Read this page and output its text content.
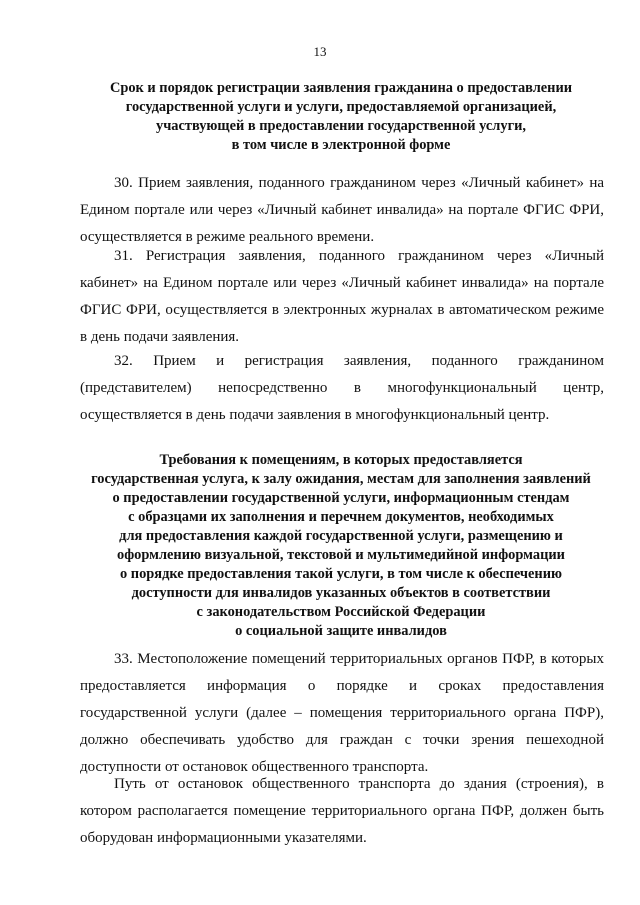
13
Срок и порядок регистрации заявления гражданина о предоставлении
государственной услуги и услуги, предоставляемой организацией,
участвующей в предоставлении государственной услуги,
в том числе в электронной форме
30. Прием заявления, поданного гражданином через «Личный кабинет» на
Едином портале или через «Личный кабинет инвалида» на портале ФГИС ФРИ,
осуществляется в режиме реального времени.
31. Регистрация заявления, поданного гражданином через «Личный
кабинет» на Едином портале или через «Личный кабинет инвалида» на портале
ФГИС ФРИ, осуществляется в электронных журналах в автоматическом режиме
в день подачи заявления.
32. Прием и регистрация заявления, поданного гражданином
(представителем) непосредственно в многофункциональный центр,
осуществляется в день подачи заявления в многофункциональный центр.
Требования к помещениям, в которых предоставляется
государственная услуга, к залу ожидания, местам для заполнения заявлений
о предоставлении государственной услуги, информационным стендам
с образцами их заполнения и перечнем документов, необходимых
для предоставления каждой государственной услуги, размещению и
оформлению визуальной, текстовой и мультимедийной информации
о порядке предоставления такой услуги, в том числе к обеспечению
доступности для инвалидов указанных объектов в соответствии
с законодательством Российской Федерации
о социальной защите инвалидов
33. Местоположение помещений территориальных органов ПФР, в которых
предоставляется информация о порядке и сроках предоставления
государственной услуги (далее – помещения территориального органа ПФР),
должно обеспечивать удобство для граждан с точки зрения пешеходной
доступности от остановок общественного транспорта.
Путь от остановок общественного транспорта до здания (строения), в
котором располагается помещение территориального органа ПФР, должен быть
оборудован информационными указателями.
